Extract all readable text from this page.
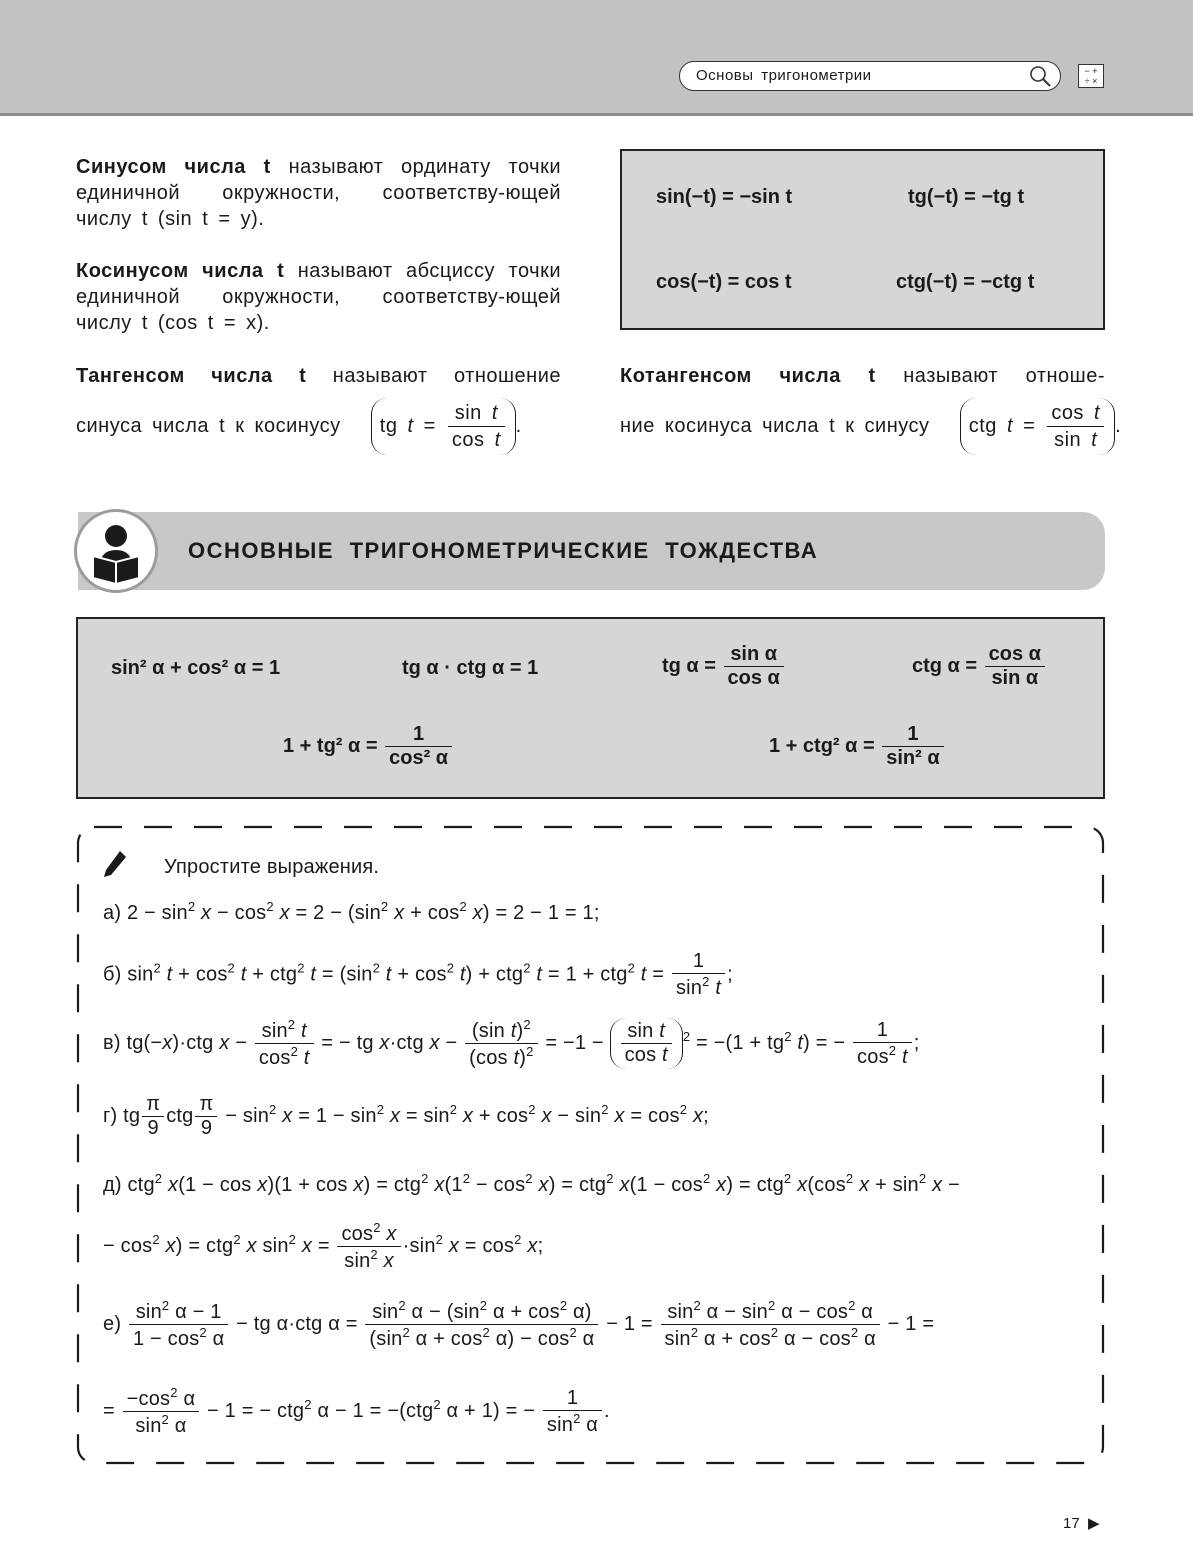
Основы тригонометрии	− +
÷ ×
Синусом числа t называют ординату точки единичной окружности, соответству-ющей числу t (sin t = y).
Косинусом числа t называют абсциссу точки единичной окружности, соответству-ющей числу t (cos t = x).
Тангенсом числа t называют отношение
синуса числа t к косинусу tg $t = \frac{\text{sin t}}{\text{cos t}}$ .
Котангенсом числа t называют отноше-
ние косинуса числа t к синусу ctg $t = \frac{\text{cos t}}{\text{sin t}}$ .
sin(−t) = −sin t	tg(−t) = −tg t
cos(−t) = cos t	ctg(−t) = −ctg t
ОСНОВНЫЕ ТРИГОНОМЕТРИЧЕСКИЕ ТОЖДЕСТВА
sin² α + cos² α = 1	tg α · ctg α = 1	tg $\alpha = \frac{\text{sin α}}{\text{cos α}}$	ctg $\alpha = \frac{\text{cos α}}{\text{sin α}}$
1 + tg² $\alpha = \frac{1}{\text{cos² α}}$	1 + ctg² $\alpha = \frac{1}{\text{sin² α}}$
Упростите выражения.
а) $2 - \sin^2 x - \cos^2 x = 2 - (\sin^2$ $x + \cos^2 x) = 2 - 1 = 1$;
б) $\sin^2 t + \cos^2 t + ctg^2$ $t = (\sin^2$ $t + \cos^2 t) + ctg^2$ t = 1 + ctg$^2$ $t = \frac{1}{\sin^2 t}$ ;
в) tg(−x)·ctg $x - \frac{\sin^2 t}{\cos^2 t}$ = − tg x·ctg $x - \frac{(\sin t)^2}{(\cos t)^2} = -1 - \frac{\text{sin t}}{\text{cos t}} ^2 = -(1 + tg^2$ t) = − $\frac{1}{\cos^2 t}$ ;
г) tg $\frac{\pi}{9}$ ctg $\frac{\pi}{9} - \sin^2 x = 1 - \sin^2 x = \sin^2 x + \cos^2 x - \sin^2 x = \cos^2 x$;
д) ctg$^2$ x(1 − cos x)(1 + cos x) = ctg$^2$ $x(1^2 - \cos^2 x) = ctg^2$ $x(1 - \cos^2 x) = ctg^2$ $x(\cos^2$ $x + \sin^2 x$ −
− $\cos^2 x) = ctg^2$ x $\sin^2 x = \frac{\cos^2 x}{\sin^2 x} \cdot\sin^2$ $x = \cos^2 x$;
$е) \frac{\sin^2 \alpha - 1}{1 - \cos^2 \alpha}$ − tg α·ctg $\alpha = \frac{\sin^2 \alpha - (\sin^2 \alpha + \cos^2 \alpha)}{(\sin^2 \alpha + \cos^2 \alpha) - \cos^2 \alpha} - 1 = \frac{\sin^2 \alpha - \sin^2 \alpha - \cos^2 \alpha}{\sin^2 \alpha + \cos^2 \alpha - \cos^2 \alpha} - 1$ =
= $\frac{-\cos^2 \alpha}{\sin^2 \alpha} - 1$ = − ctg$^2$ α − 1 = −(ctg$^2$ α + 1) = − $\frac{1}{\sin^2 \alpha}$ .
17 ▶
